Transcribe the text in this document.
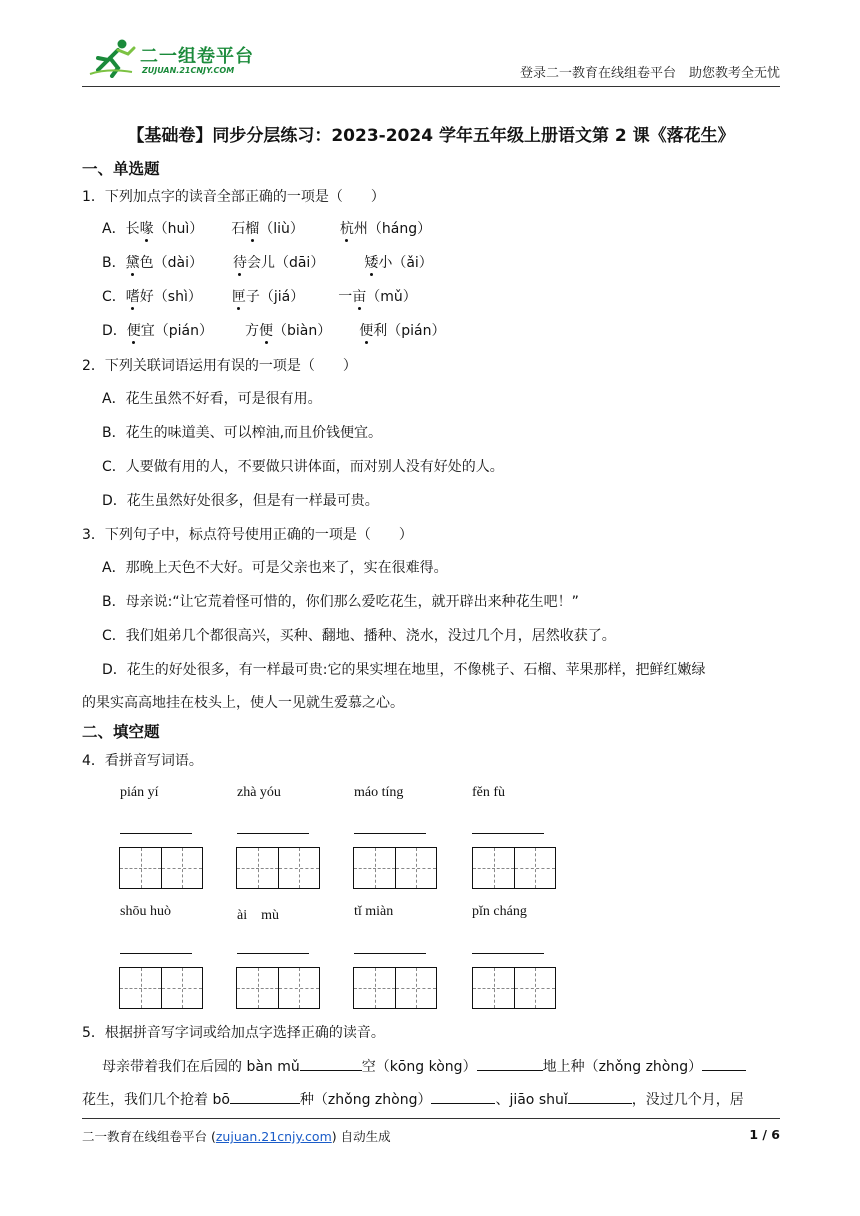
二一组卷平台
ZUJUAN.21CNJY.COM	登录二一教育在线组卷平台　助您教考全无忧
【基础卷】同步分层练习：2023-2024 学年五年级上册语文第 2 课《落花生》
一、单选题
1．下列加点字的读音全部正确的一项是（　　）
A．长喙（huì） 石榴（liù）	杭州（háng）
B．黛色（dài） 待会儿（dāi）	矮小（ǎi）
C．嗜好（shì） 匣子（jiá） 一亩（mǔ）
D．便宜（pián） 方便（biàn） 便利（pián）
2．下列关联词语运用有误的一项是（　　）
A．花生虽然不好看，可是很有用。
B．花生的味道美、可以榨油,而且价钱便宜。
C．人要做有用的人，不要做只讲体面，而对别人没有好处的人。
D．花生虽然好处很多，但是有一样最可贵。
3．下列句子中，标点符号使用正确的一项是（　　）
A．那晚上天色不大好。可是父亲也来了，实在很难得。
B．母亲说:“让它荒着怪可惜的，你们那么爱吃花生，就开辟出来种花生吧！”
C．我们姐弟几个都很高兴，买种、翻地、播种、浇水，没过几个月，居然收获了。
D．花生的好处很多，有一样最可贵:它的果实埋在地里，不像桃子、石榴、苹果那样，把鲜红嫩绿
的果实高高地挂在枝头上，使人一见就生爱慕之心。
二、填空题
4．看拼音写词语。
pián yí	zhà yóu	máo tíng	fěn fù
shōu huò	ài　mù	tǐ miàn	pǐn cháng
5．根据拼音写字词或给加点字选择正确的读音。
母亲带着我们在后园的 bàn mǔ	空（kōng kòng）	地上种（zhǒng zhòng）
花生，我们几个抢着 bō	种（zhǒng zhòng）	、jiāo shuǐ	，没过几个月，居
二一教育在线组卷平台 (zujuan.21cnjy.com) 自动生成	1 / 6
